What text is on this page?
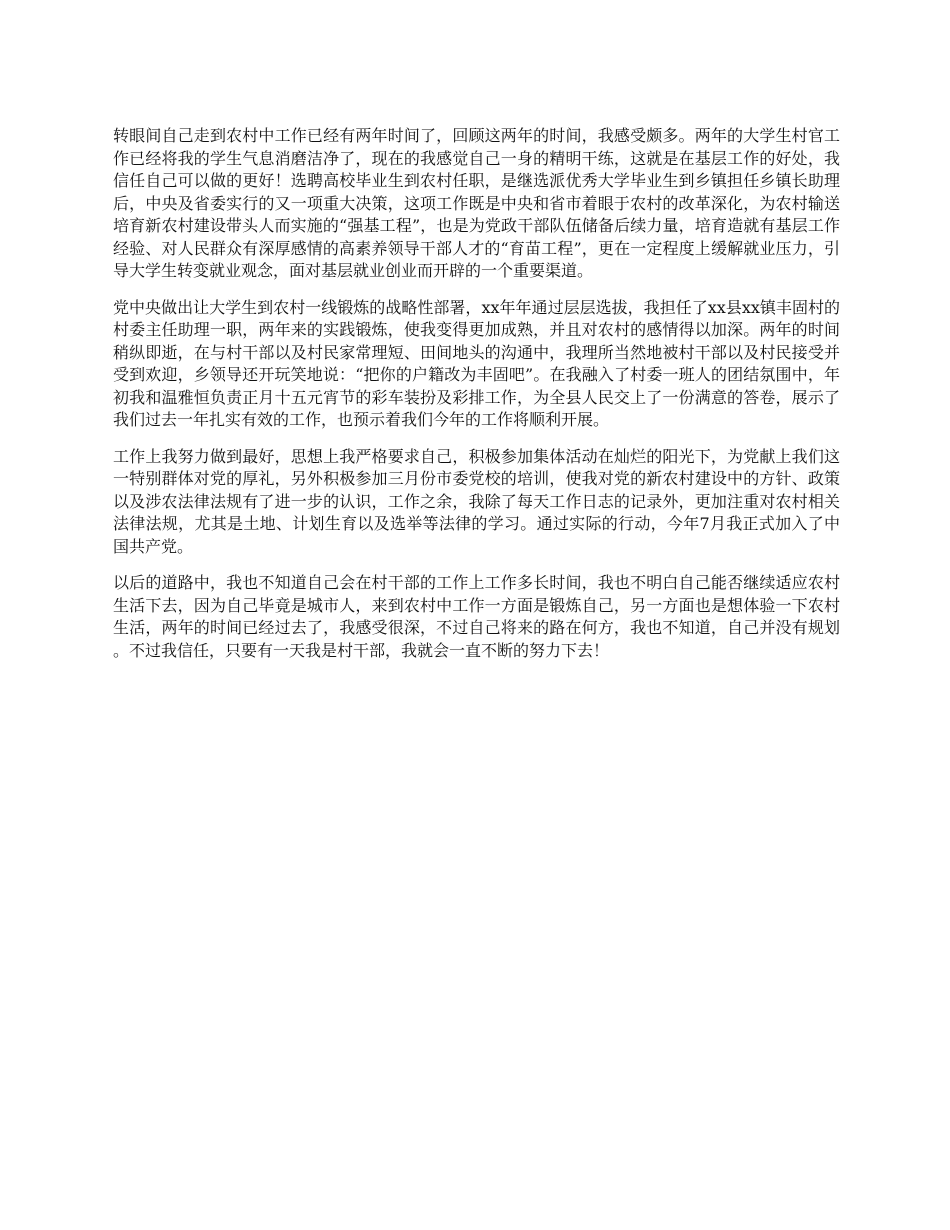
转眼间自己走到农村中工作已经有两年时间了，回顾这两年的时间，我感受颇多。两年的大学生村官工作已经将我的学生气息消磨洁净了，现在的我感觉自己一身的精明干练，这就是在基层工作的好处，我信任自己可以做的更好！选聘高校毕业生到农村任职，是继选派优秀大学毕业生到乡镇担任乡镇长助理后，中央及省委实行的又一项重大决策，这项工作既是中央和省市着眼于农村的改革深化，为农村输送培育新农村建设带头人而实施的“强基工程”，也是为党政干部队伍储备后续力量，培育造就有基层工作经验、对人民群众有深厚感情的高素养领导干部人才的“育苗工程”，更在一定程度上缓解就业压力，引导大学生转变就业观念，面对基层就业创业而开辟的一个重要渠道。

党中央做出让大学生到农村一线锻炼的战略性部署，xx年年通过层层选拔，我担任了xx县xx镇丰固村的村委主任助理一职，两年来的实践锻炼，使我变得更加成熟，并且对农村的感情得以加深。两年的时间稍纵即逝，在与村干部以及村民家常理短、田间地头的沟通中，我理所当然地被村干部以及村民接受并受到欢迎，乡领导还开玩笑地说：“把你的户籍改为丰固吧”。在我融入了村委一班人的团结氛围中，年初我和温雅恒负责正月十五元宵节的彩车装扮及彩排工作，为全县人民交上了一份满意的答卷，展示了我们过去一年扎实有效的工作，也预示着我们今年的工作将顺利开展。

工作上我努力做到最好，思想上我严格要求自己，积极参加集体活动在灿烂的阳光下，为党献上我们这一特别群体对党的厚礼，另外积极参加三月份市委党校的培训，使我对党的新农村建设中的方针、政策以及涉农法律法规有了进一步的认识，工作之余，我除了每天工作日志的记录外，更加注重对农村相关法律法规，尤其是土地、计划生育以及选举等法律的学习。通过实际的行动，今年7月我正式加入了中国共产党。

以后的道路中，我也不知道自己会在村干部的工作上工作多长时间，我也不明白自己能否继续适应农村生活下去，因为自己毕竟是城市人，来到农村中工作一方面是锻炼自己，另一方面也是想体验一下农村生活，两年的时间已经过去了，我感受很深，不过自己将来的路在何方，我也不知道，自己并没有规划。不过我信任，只要有一天我是村干部，我就会一直不断的努力下去！
